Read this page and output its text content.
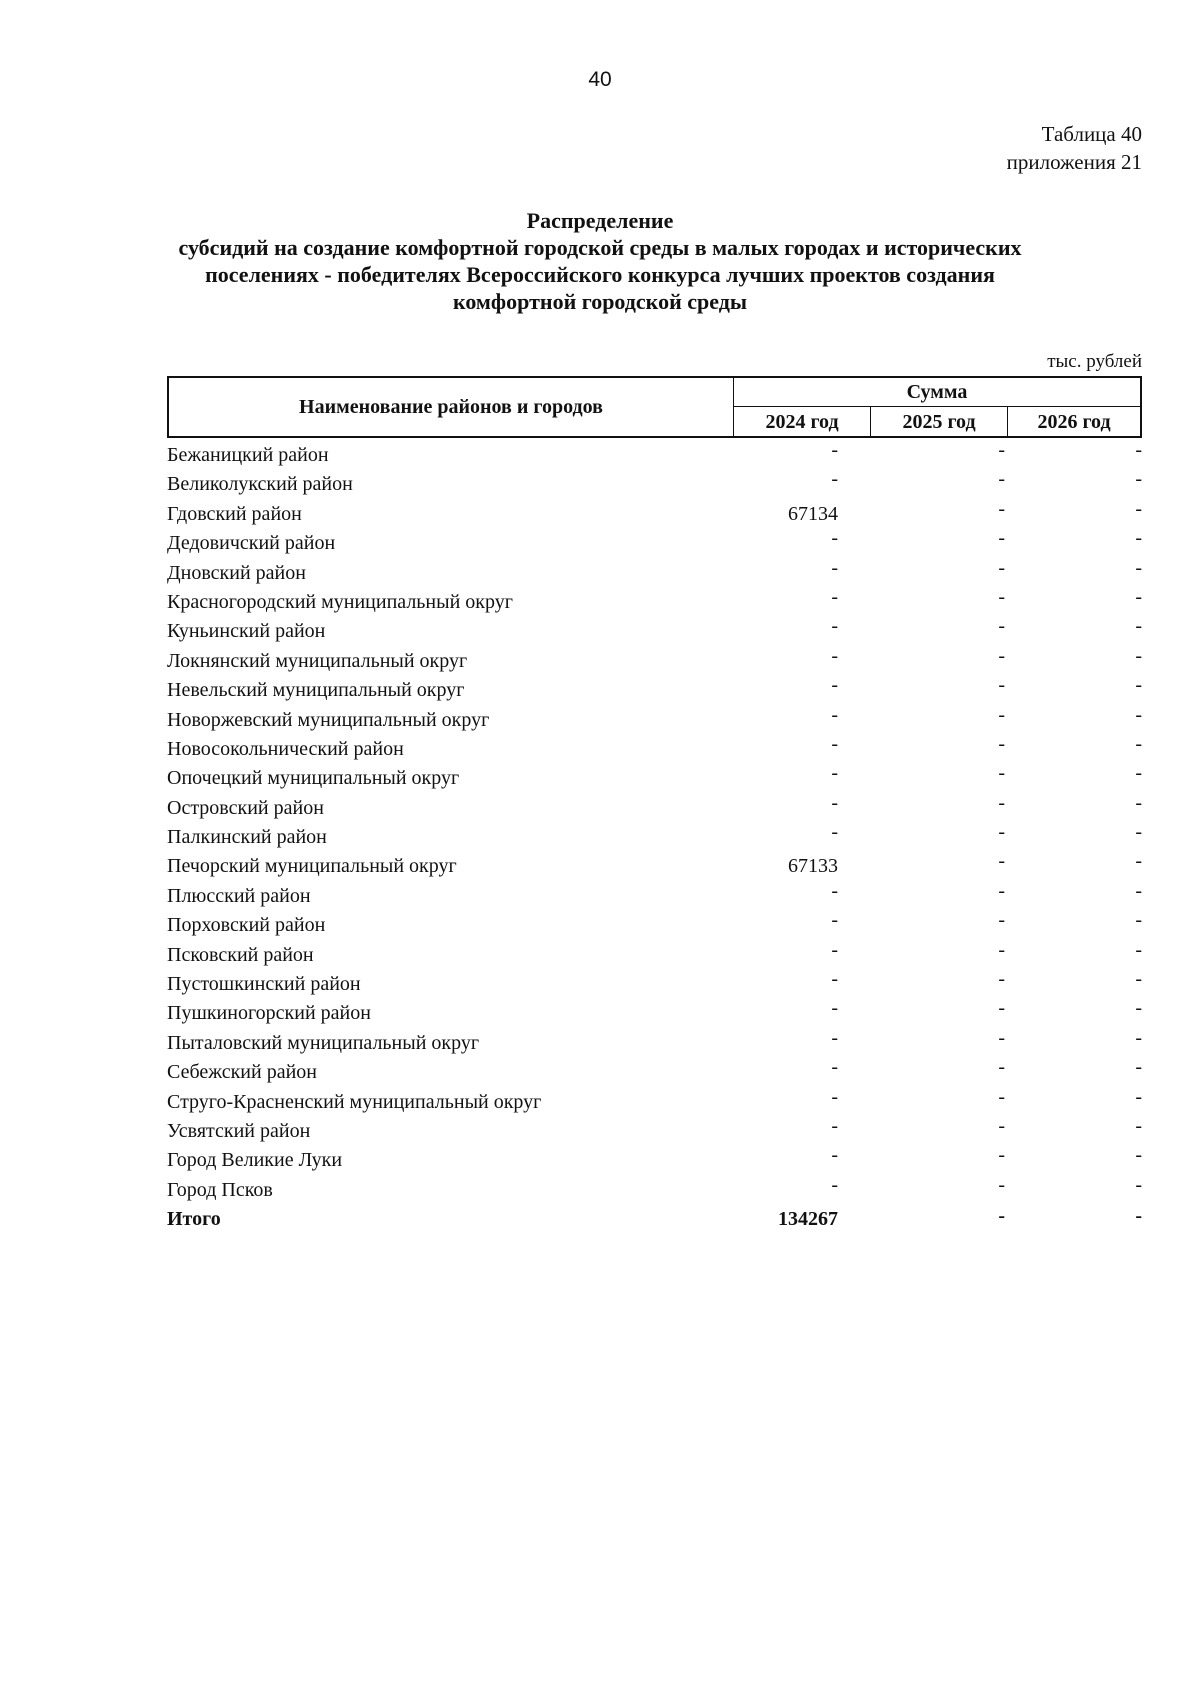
40
Таблица 40
приложения 21
Распределение
субсидий на создание комфортной городской среды в малых городах и исторических
поселениях - победителях Всероссийского конкурса лучших проектов создания
комфортной городской среды
тыс. рублей
Наименование районов и городов
Сумма
2024 год	2025 год	2026 год
Бежаницкий район	-	-	-
Великолукский район	-	-	-
Гдовский район	67134	-	-
Дедовичский район	-	-	-
Дновский район	-	-	-
Красногородский муниципальный округ	-	-	-
Куньинский район	-	-	-
Локнянский муниципальный округ	-	-	-
Невельский муниципальный округ	-	-	-
Новоржевский муниципальный округ	-	-	-
Новосокольнический район	-	-	-
Опочецкий муниципальный округ	-	-	-
Островский район	-	-	-
Палкинский район	-	-	-
Печорский муниципальный округ	67133	-	-
Плюсский район	-	-	-
Порховский район	-	-	-
Псковский район	-	-	-
Пустошкинский район	-	-	-
Пушкиногорский район	-	-	-
Пыталовский муниципальный округ	-	-	-
Себежский район	-	-	-
Струго-Красненский муниципальный округ	-	-	-
Усвятский район	-	-	-
Город Великие Луки	-	-	-
Город Псков	-	-	-
Итого	134267	-	-
